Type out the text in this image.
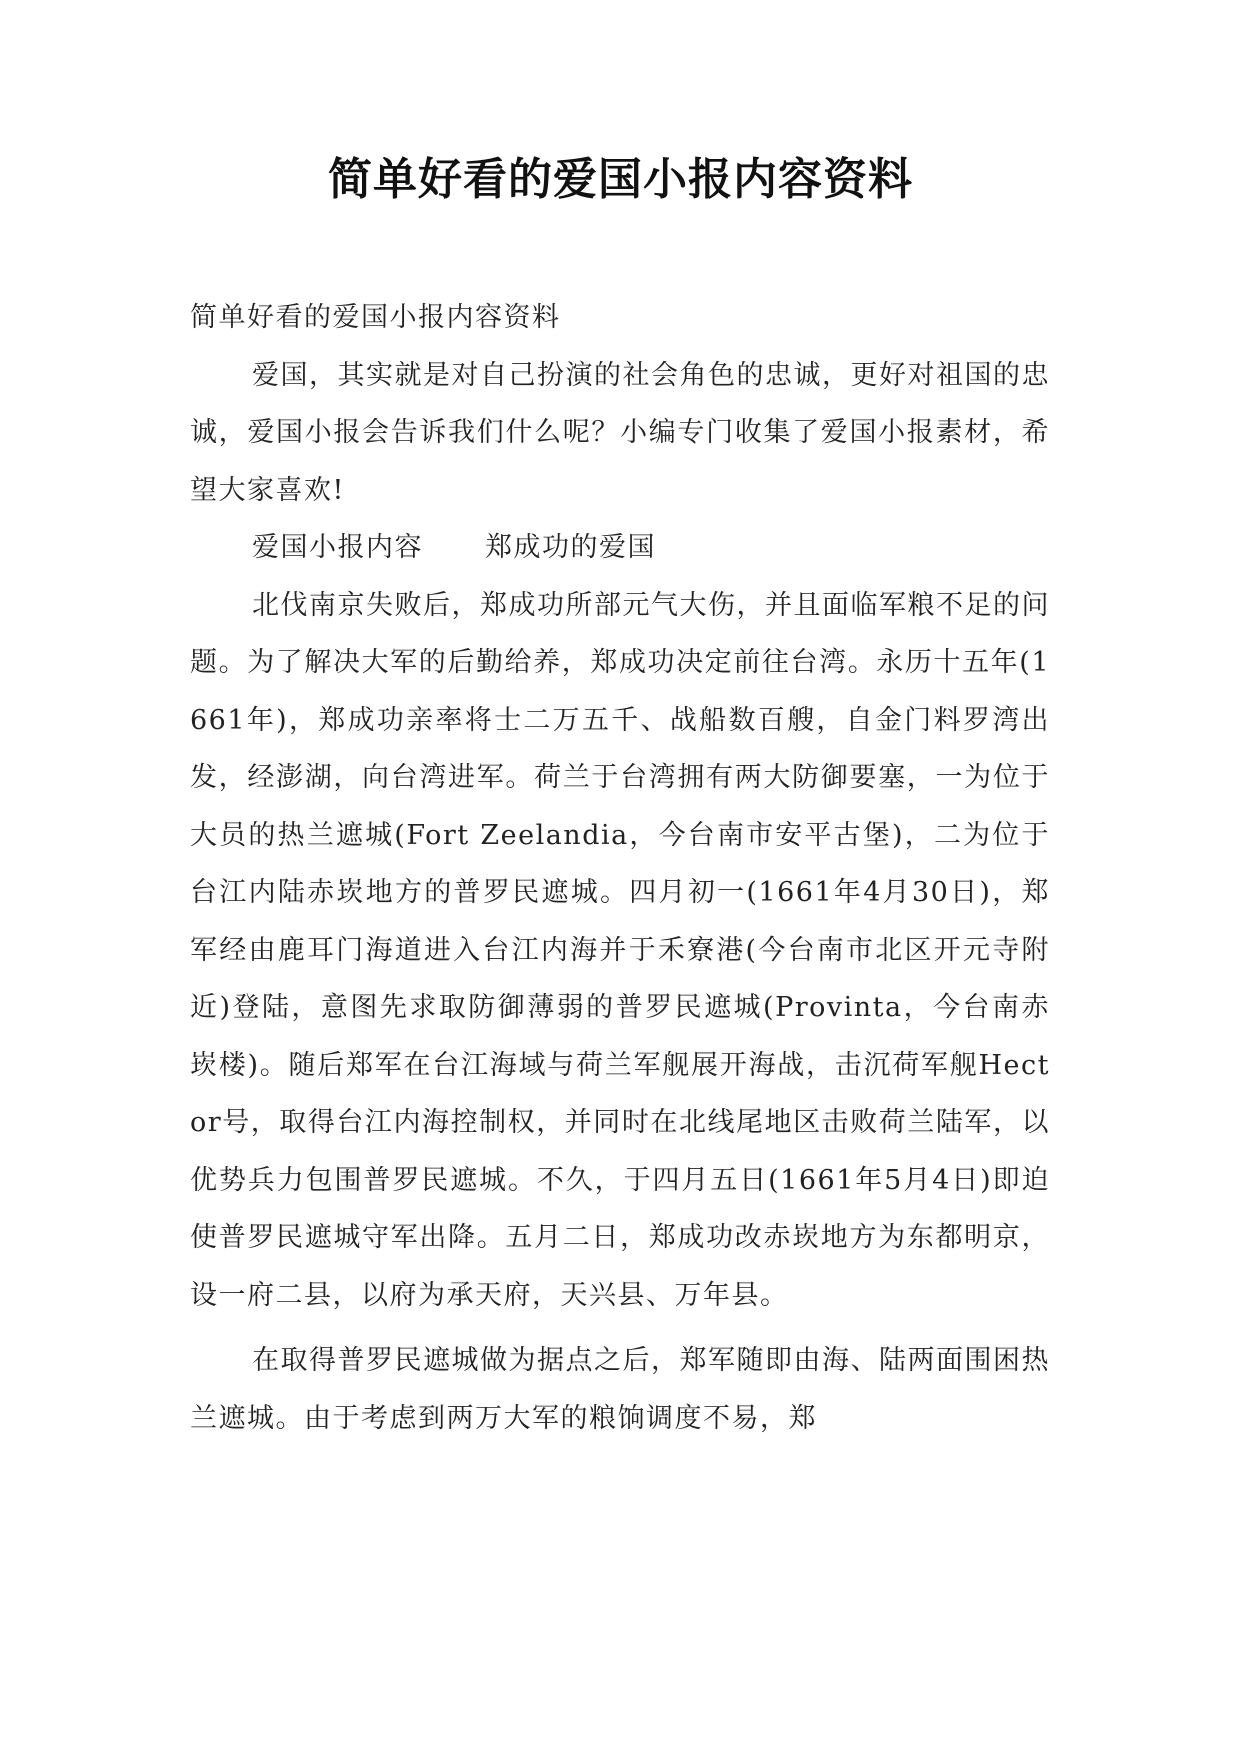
简单好看的爱国小报内容资料

简单好看的爱国小报内容资料

爱国，其实就是对自己扮演的社会角色的忠诚，更好对祖国的忠诚，爱国小报会告诉我们什么呢？小编专门收集了爱国小报素材，希望大家喜欢!

爱国小报内容 郑成功的爱国

北伐南京失败后，郑成功所部元气大伤，并且面临军粮不足的问题。为了解决大军的后勤给养，郑成功决定前往台湾。永历十五年(1661年)，郑成功亲率将士二万五千、战船数百艘，自金门料罗湾出发，经澎湖，向台湾进军。荷兰于台湾拥有两大防御要塞，一为位于大员的热兰遮城(Fort Zeelandia，今台南市安平古堡)，二为位于台江内陆赤崁地方的普罗民遮城。四月初一(1661年4月30日)，郑军经由鹿耳门海道进入台江内海并于禾寮港(今台南市北区开元寺附近)登陆，意图先求取防御薄弱的普罗民遮城(Provinta，今台南赤崁楼)。随后郑军在台江海域与荷兰军舰展开海战，击沉荷军舰Hector号，取得台江内海控制权，并同时在北线尾地区击败荷兰陆军，以优势兵力包围普罗民遮城。不久，于四月五日(1661年5月4日)即迫使普罗民遮城守军出降。五月二日，郑成功改赤崁地方为东都明京，设一府二县，以府为承天府，天兴县、万年县。

在取得普罗民遮城做为据点之后，郑军随即由海、陆两面围困热兰遮城。由于考虑到两万大军的粮饷调度不易，郑
